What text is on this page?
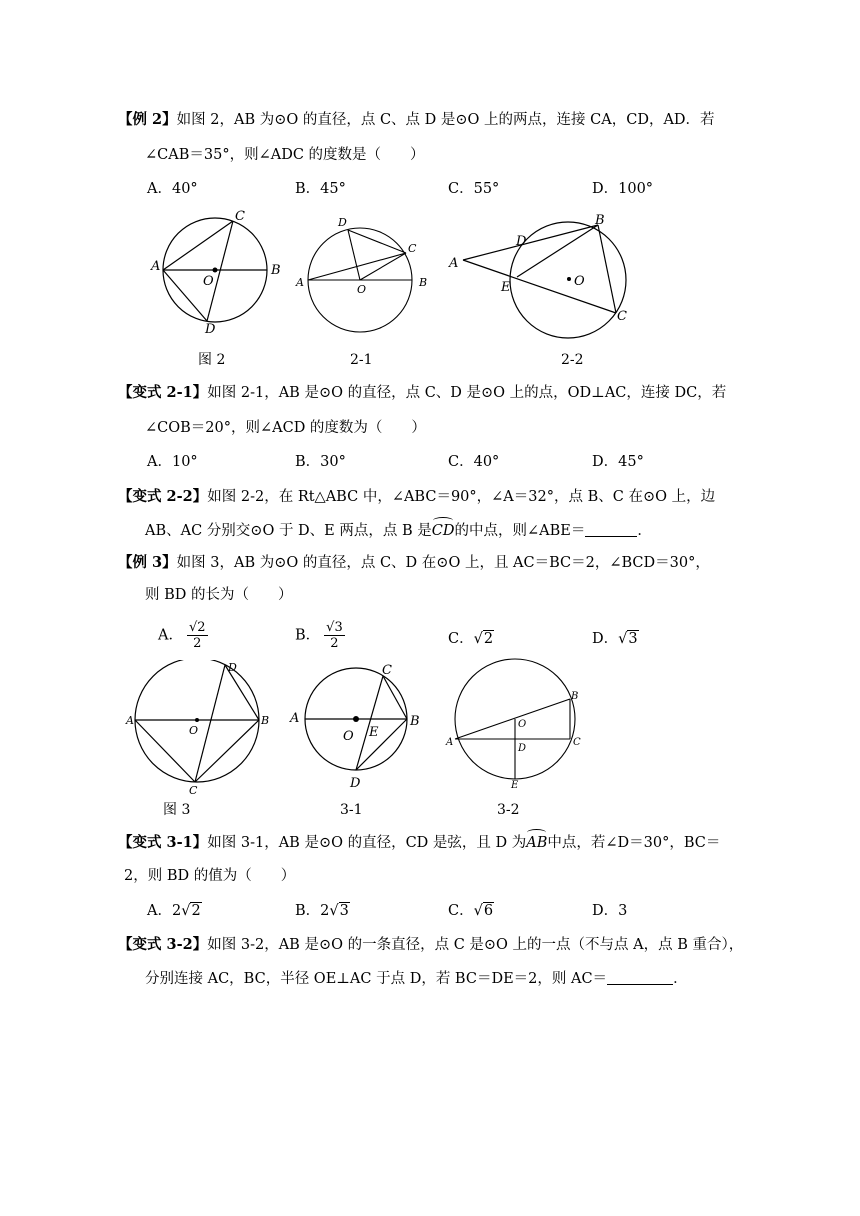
【例 2】如图 2，AB 为⊙O 的直径，点 C、点 D 是⊙O 上的两点，连接 CA，CD，AD．若
∠CAB＝35°，则∠ADC 的度数是（　　）
A．40°	B．45°	C．55°	D．100°
A	B
C
D
O	A	B
C
D
O
A
B
C
D
E	O
图 2	2-1	2-2
【变式 2-1】如图 2-1，AB 是⊙O 的直径，点 C、D 是⊙O 上的点，OD⊥AC，连接 DC，若
∠COB＝20°，则∠ACD 的度数为（　　）
A．10°	B．30°	C．40°	D．45°
【变式 2-2】如图 2-2，在 Rt△ABC 中，∠ABC＝90°，∠A＝32°，点 B、C 在⊙O 上，边
AB、AC 分别交⊙O 于 D、E 两点，点 B 是CD的中点，则∠ABE＝	．
【例 3】如图 3，AB 为⊙O 的直径，点 C、D 在⊙O 上，且 AC＝BC＝2，∠BCD＝30°，
则 BD 的长为（　　）
A． $\frac{√2}{2}$	B． $\frac{√3}{2}$	C．√2	D．√3
A	B
C
D
O
A	B
C
D
E
O	A
B
C
D
E
O
图 3	3-1	3-2
【变式 3-1】如图 3-1，AB 是⊙O 的直径，CD 是弦，且 D 为AB中点，若∠D＝30°，BC＝
2，则 BD 的值为（　　）
A．2√2	B．2√3	C．√6	D．3
【变式 3-2】如图 3-2，AB 是⊙O 的一条直径，点 C 是⊙O 上的一点（不与点 A，点 B 重合），
分别连接 AC，BC，半径 OE⊥AC 于点 D，若 BC＝DE＝2，则 AC＝	．
